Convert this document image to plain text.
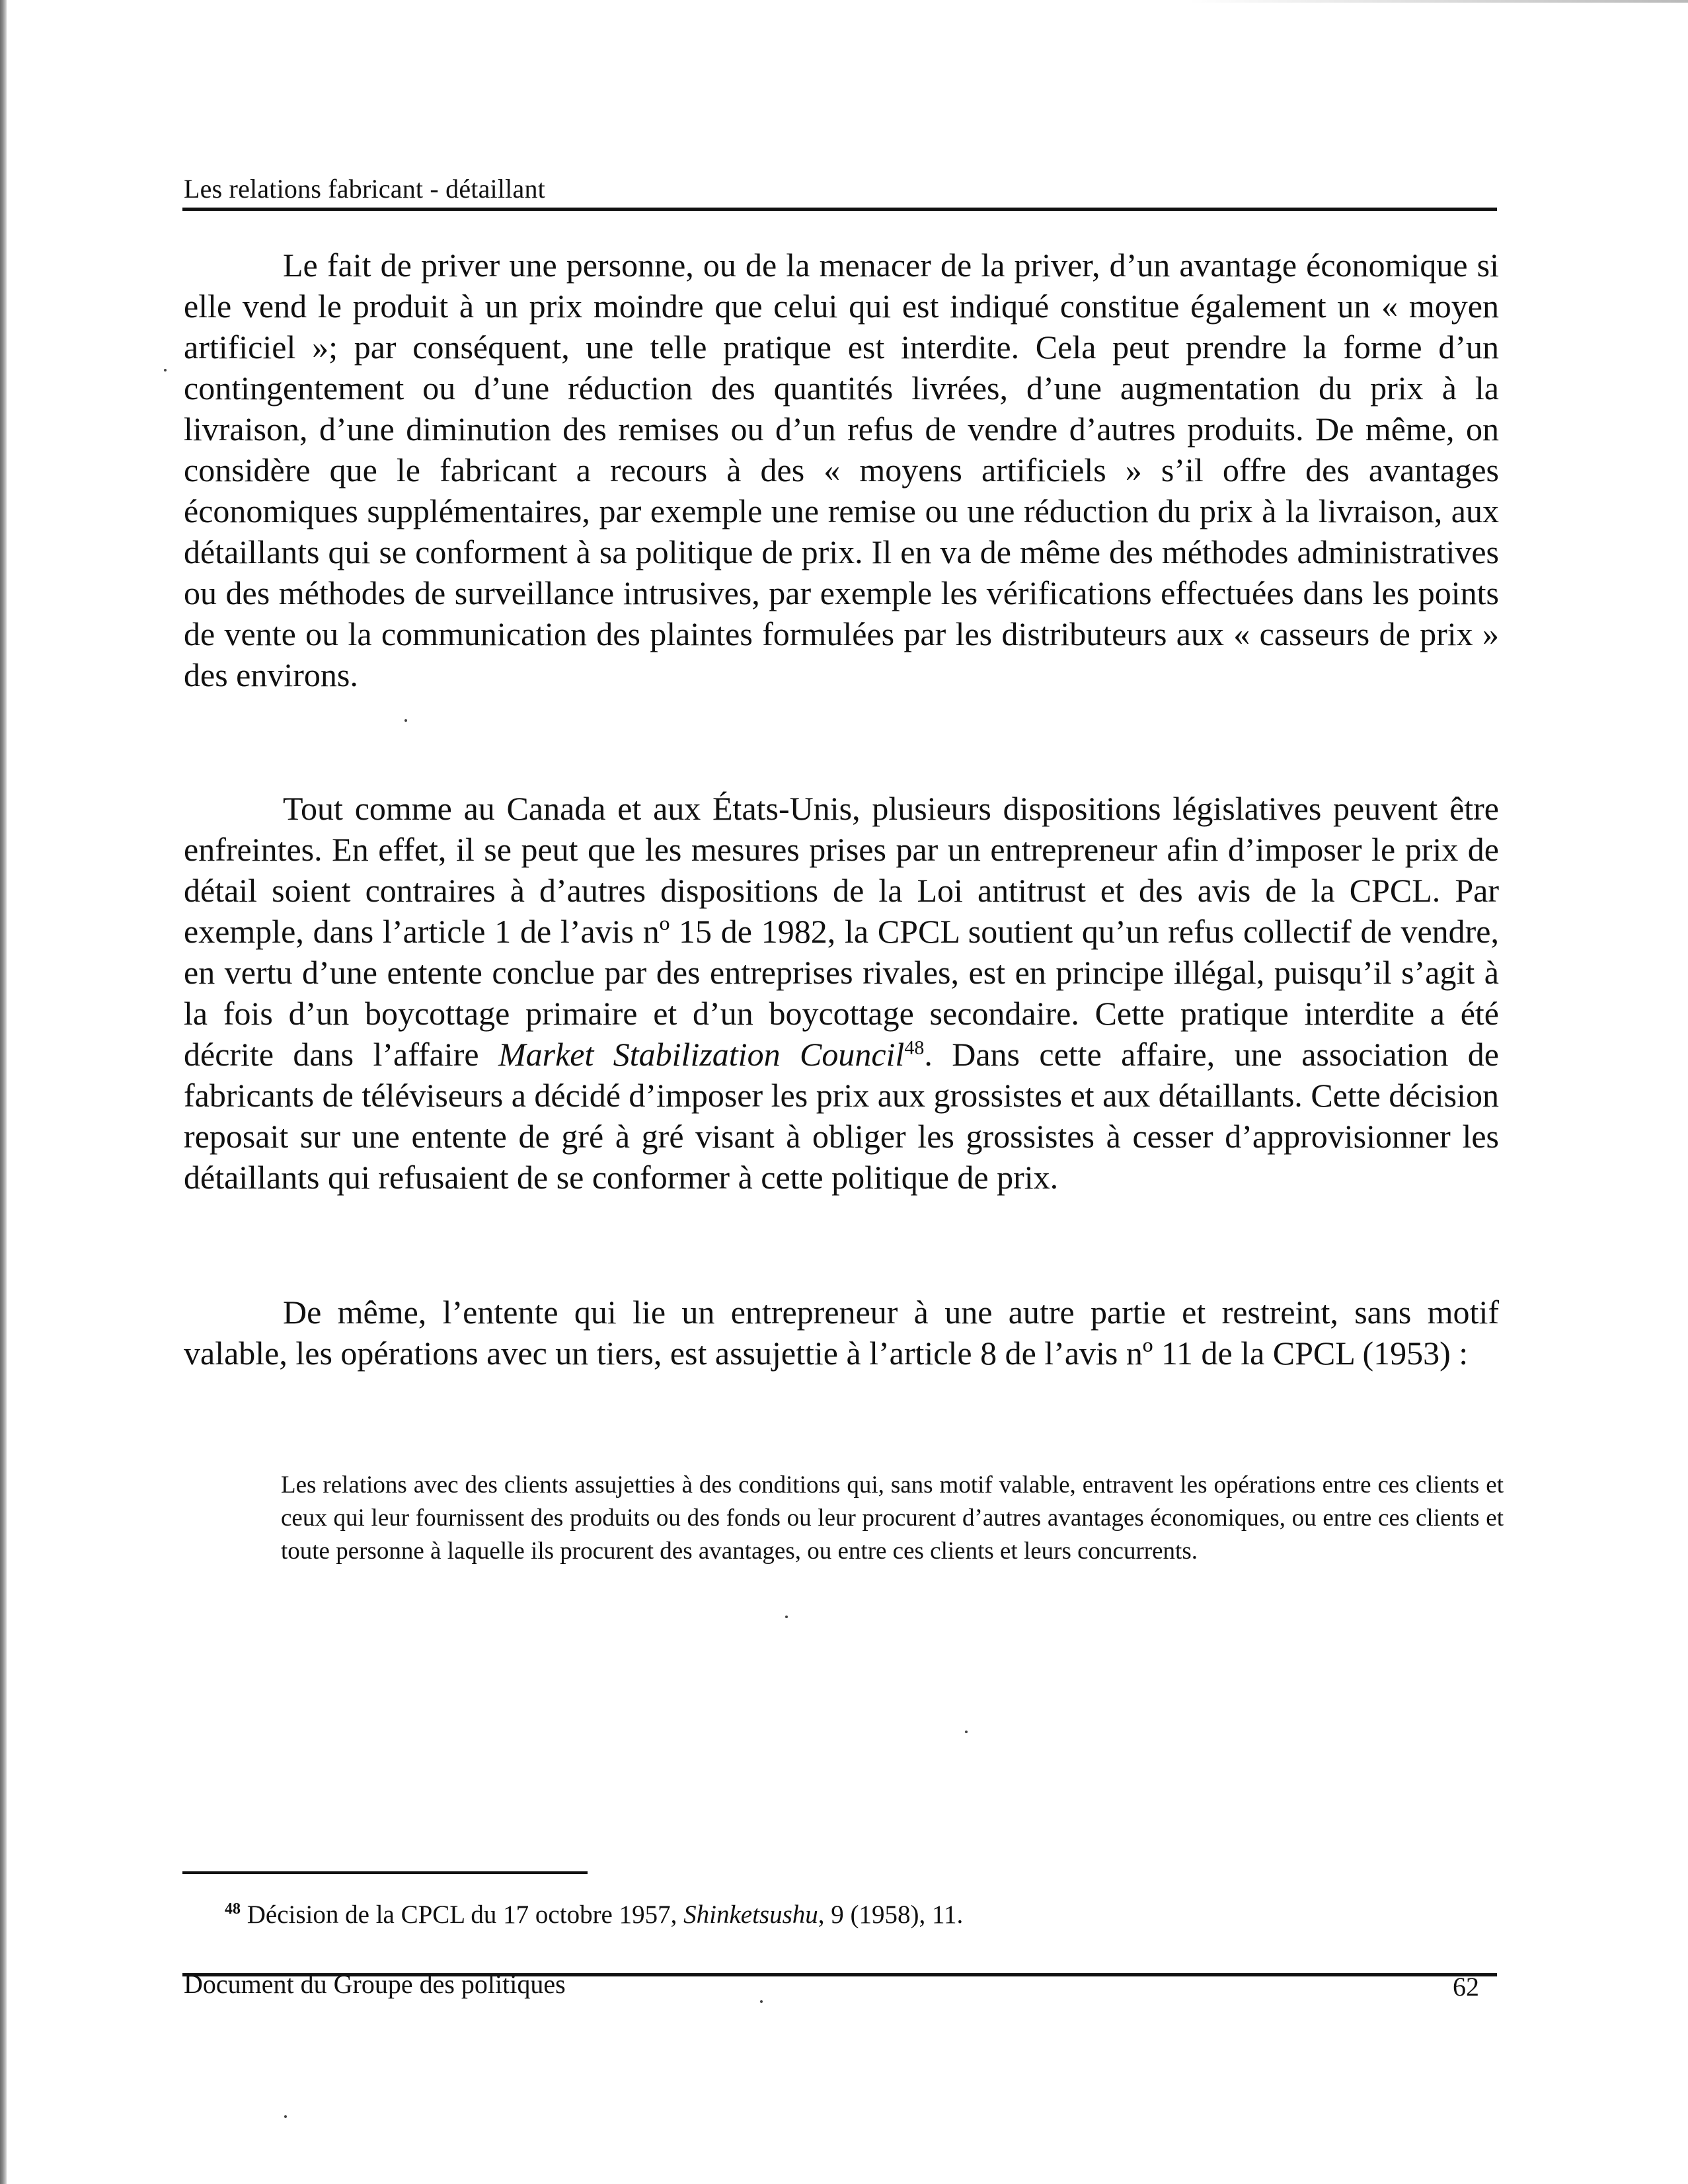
Les relations fabricant - détaillant

Le fait de priver une personne, ou de la menacer de la priver, d’un avantage économique si elle vend le produit à un prix moindre que celui qui est indiqué constitue également un « moyen artificiel »; par conséquent, une telle pratique est interdite. Cela peut prendre la forme d’un contingentement ou d’une réduction des quantités livrées, d’une augmentation du prix à la livraison, d’une diminution des remises ou d’un refus de vendre d’autres produits. De même, on considère que le fabricant a recours à des « moyens artificiels » s’il offre des avantages économiques supplémentaires, par exemple une remise ou une réduction du prix à la livraison, aux détaillants qui se conforment à sa politique de prix. Il en va de même des méthodes administratives ou des méthodes de surveillance intrusives, par exemple les vérifications effectuées dans les points de vente ou la communication des plaintes formulées par les distributeurs aux « casseurs de prix » des environs.

Tout comme au Canada et aux États-Unis, plusieurs dispositions législatives peuvent être enfreintes. En effet, il se peut que les mesures prises par un entrepreneur afin d’imposer le prix de détail soient contraires à d’autres dispositions de la Loi antitrust et des avis de la CPCL. Par exemple, dans l’article 1 de l’avis nº 15 de 1982, la CPCL soutient qu’un refus collectif de vendre, en vertu d’une entente conclue par des entreprises rivales, est en principe illégal, puisqu’il s’agit à la fois d’un boycottage primaire et d’un boycottage secondaire. Cette pratique interdite a été décrite dans l’affaire Market Stabilization Council$^{48}$. Dans cette affaire, une association de fabricants de téléviseurs a décidé d’imposer les prix aux grossistes et aux détaillants. Cette décision reposait sur une entente de gré à gré visant à obliger les grossistes à cesser d’approvisionner les détaillants qui refusaient de se conformer à cette politique de prix.

De même, l’entente qui lie un entrepreneur à une autre partie et restreint, sans motif valable, les opérations avec un tiers, est assujettie à l’article 8 de l’avis nº 11 de la CPCL (1953) :

Les relations avec des clients assujetties à des conditions qui, sans motif valable, entravent les opérations entre ces clients et ceux qui leur fournissent des produits ou des fonds ou leur procurent d’autres avantages économiques, ou entre ces clients et toute personne à laquelle ils procurent des avantages, ou entre ces clients et leurs concurrents.

$^{48}$ Décision de la CPCL du 17 octobre 1957, Shinketsushu, 9 (1958), 11.
Document du Groupe des politiques	62
